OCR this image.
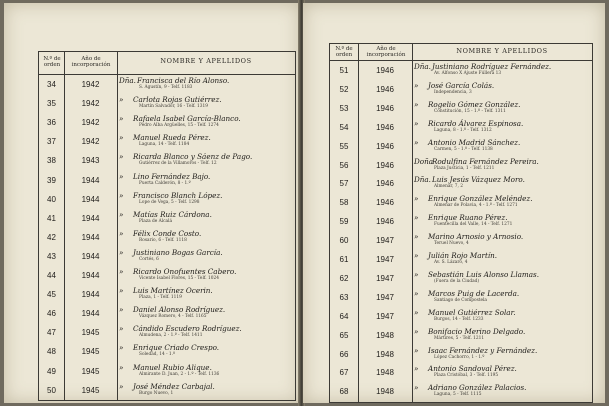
N.º de orden
Año de incorporación	NOMBRE Y APELLIDOS
34	1942	Dña. Francisca del Río Alonso.
S. Agustín, 9 - Telf. 1183
35	1942	» Carlota Rojas Gutiérrez.
Martín Salvador, 16 - Telf. 1319
36	1942	» Rafaela Isabel García-Blanco.
Pedro Alba Argüelles, 15 - Telf. 1274
37	1942	» Manuel Rueda Pérez.
Laguna, 14 - Telf. 1184
38	1943	» Ricarda Blanco y Sáenz de Pago.
Gutiérrez de la Villamoros - Telf. 12
39	1944	» Lino Fernández Bajo.
Puerta Calderón, 8 - 1.º
40	1944	» Francisco Blanch López.
Lope de Vega, 5 - Telf. 1298
41	1944	» Matías Ruiz Cárdona.
Plaza de Alcalá
42	1944	» Félix Conde Costo.
Rosario, 6 - Telf. 1118
43	1944	» Justiniano Bogas García.
Cortés, 6
44	1944	» Ricardo Onofuentes Cabero.
Vicente Isabel Flores, 15 - Telf. 1024
45	1944	» Luis Martínez Ocerin.
Plaza, 1 - Telf. 1119
46	1944	» Daniel Alonso Rodríguez.
Vázquez Romero, 4 - Telf. 1165
47	1945	» Cándido Escudero Rodríguez.
Almudena, 2 - 1.º - Telf. 1411
48	1945	» Enrique Criado Crespo.
Soledad, 14 - 1.º
49	1945	» Manuel Rubio Alique.
Almirante D. Juan, 2 - 1.º - Telf. 1136
50	1945	» José Méndez Carbajal.
Burgo Nuevo, 1
N.º de orden
Año de incorporación	NOMBRE Y APELLIDOS
51	1946	Dña. Justiniano Rodríguez Fernández.
Av. Alfonso X Ajuste Fúllera 13
52	1946	» José García Colás.
Independencia, 3
53	1946	» Rogelio Gómez González.
Constitución, 15 - 1.º - Telf. 1311
54	1946	» Ricardo Álvarez Espinosa.
Laguna, 8 - 1.º - Telf. 1312
55	1946	» Antonio Madrid Sánchez.
Carmen, 5 - 1.º - Telf. 1138
56	1946	Doña
Rodulfina Fernández Pereira.
Plaza Justicia, 1 - Telf. 1211
57	1946	Dña. Luis Jesús Vázquez Moro.
Almenar, 7, 2
58	1946	» Enrique González Meléndez.
Almenar de Polavia, 4 - 1.º - Telf. 1271
59	1946	» Enrique Ruano Pérez.
Fuentecilla del Valle, 14 - Telf. 1271
60	1947	» Marino Arnosio y Arnosio.
Teruel Nuevo, 4
61	1947	» Julián Rojo Martín.
Av. S. Lázaro, 4
62	1947	» Sebastián Luis Alonso Llamas.
(Fuera de la Ciudad)
63	1947	» Marcos Puig de Lacerda.
Santiago de Compostela
64	1947	» Manuel Gutiérrez Solar.
Burgos, 14 - Telf. 1233
65	1948	» Bonifacio Merino Delgado.
Mártires, 5 - Telf. 1211
66	1948	» Isaac Fernández y Fernández.
López Cachorro, 1 - 1.º
67	1948	» Antonio Sandoval Pérez.
Plaza Cristóbal, 3 - Telf. 1195
68	1948	» Adriano González Palacios.
Laguna, 5 - Telf. 1115
